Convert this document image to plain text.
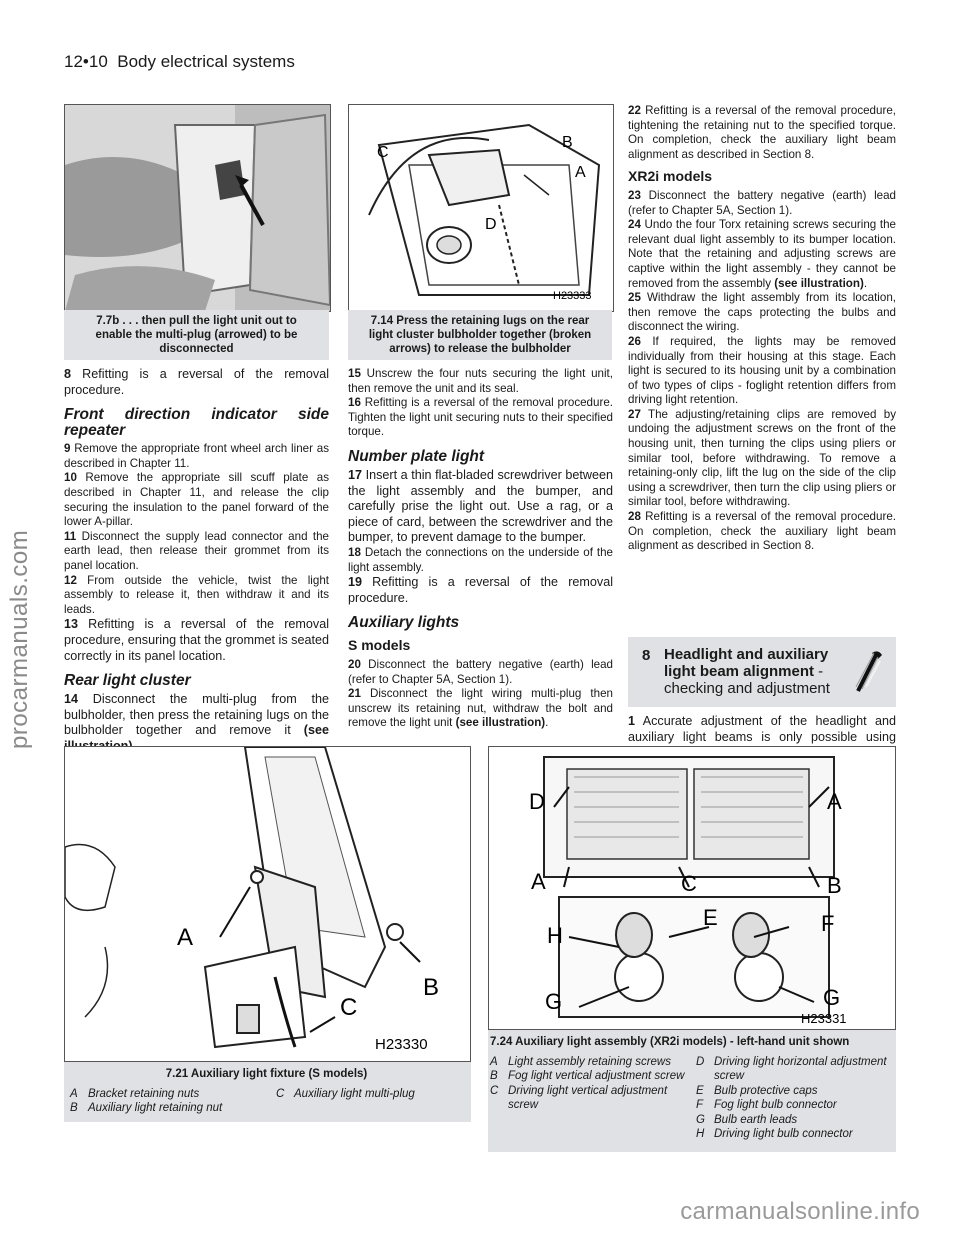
12•10 Body electrical systems
procarmanuals.com
7.7b . . . then pull the light unit out to enable the multi-plug (arrowed) to be disconnected
C
B
A
D
H23333
7.14 Press the retaining lugs on the rear light cluster bulbholder together (broken arrows) to release the bulbholder

8 Refitting is a reversal of the removal procedure.

Front direction indicator side repeater

9 Remove the appropriate front wheel arch liner as described in Chapter 11.

10 Remove the appropriate sill scuff plate as described in Chapter 11, and release the clip securing the insulation to the panel forward of the lower A-pillar.

11 Disconnect the supply lead connector and the earth lead, then release their grommet from its panel location.

12 From outside the vehicle, twist the light assembly to release it, then withdraw it and its leads.

13 Refitting is a reversal of the removal procedure, ensuring that the grommet is seated correctly in its panel location.

Rear light cluster

14 Disconnect the multi-plug from the bulbholder, then press the retaining lugs on the bulbholder together and remove it (see

15 Unscrew the four nuts securing the light unit, then remove the unit and its seal.

16 Refitting is a reversal of the removal procedure. Tighten the light unit securing nuts to their specified torque.

Number plate light

17 Insert a thin flat-bladed screwdriver between the light assembly and the bumper, and carefully prise the light out. Use a rag, or a piece of card, between the screwdriver and the bumper, to prevent damage to the bumper.

18 Detach the connections on the underside of the light assembly.

19 Refitting is a reversal of the removal procedure.

Auxiliary lights
S models

20 Disconnect the battery negative (earth) lead (refer to Chapter 5A, Section 1).

21 Disconnect the light wiring multi-plug then unscrew its retaining nut, withdraw the bolt and remove the light unit (see illustration).

22 Refitting is a reversal of the removal procedure, tightening the retaining nut to the specified torque. On completion, check the auxiliary light beam alignment as described in Section 8.

XR2i models

23 Disconnect the battery negative (earth) lead (refer to Chapter 5A, Section 1).

24 Undo the four Torx retaining screws securing the relevant dual light assembly to its bumper location. Note that the retaining and adjusting screws are captive within the light assembly - they cannot be removed from the assembly (see illustration).

25 Withdraw the light assembly from its location, then remove the caps protecting the bulbs and disconnect the wiring.

26 If required, the lights may be removed individually from their housing at this stage. Each light is secured to its housing unit by a combination of two types of clips - foglight retention differs from driving light retention.

27 The adjusting/retaining clips are removed by undoing the adjustment screws on the front of the housing unit, then turning the clips using pliers or similar tool, before withdrawing. To remove a retaining-only clip, lift the lug on the side of the clip using a screwdriver, then turn the clip using pliers or similar tool, before withdrawing.

28 Refitting is a reversal of the removal procedure. On completion, check the auxiliary light beam alignment as described in Section 8.

8 Headlight and auxiliary light beam alignment - checking and adjustment

1 Accurate adjustment of the headlight and auxiliary light beams is only possible using

A
B
C
H23330
7.21 Auxiliary light fixture (S models)
A Bracket retaining nuts
B Auxiliary light retaining nut
C Auxiliary light multi-plug
D	A
A	C	B
H
E	F
G	G
H23331
7.24 Auxiliary light assembly (XR2i models) - left-hand unit shown
A Light assembly retaining screws
B Fog light vertical adjustment screw
C Driving light vertical adjustment screw
D Driving light horizontal adjustment screw
E Bulb protective caps
F Fog light bulb connector
G Bulb earth leads
H Driving light bulb connector
carmanualsonline.info
